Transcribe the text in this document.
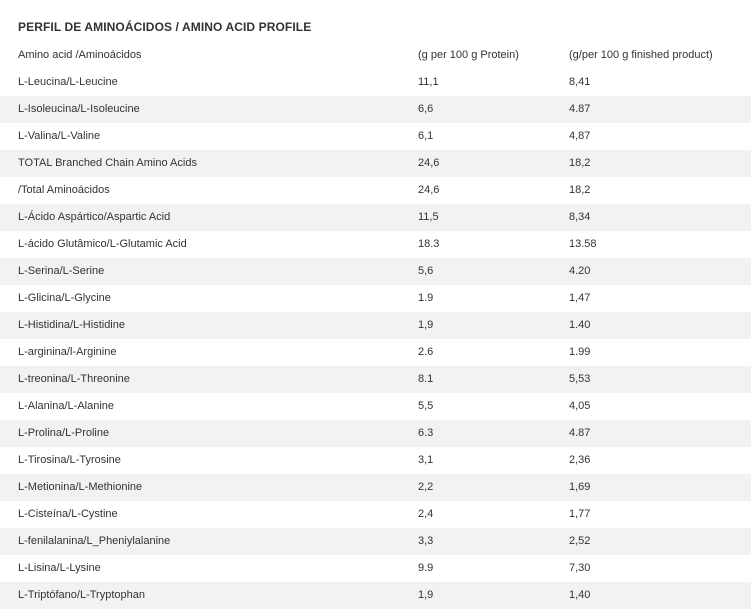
PERFIL DE AMINOÁCIDOS / AMINO ACID PROFILE
Amino acid /Aminoácidos	(g per 100 g Protein)	(g/per 100 g finished product)
L-Leucina/L-Leucine	11,1	8,41
L-Isoleucina/L-Isoleucine	6,6	4.87
L-Valina/L-Valine	6,1	4,87
TOTAL Branched Chain Amino Acids	24,6	18,2
/Total Aminoácidos	24,6	18,2
L-Ácido Aspártico/Aspartic Acid	11,5	8,34
L-ácido Glutâmico/L-Glutamic Acid	18.3	13.58
L-Serina/L-Serine	5,6	4.20
L-Glicina/L-Glycine	1.9	1,47
L-Histidina/L-Histidine	1,9	1.40
L-arginina/l-Arginine	2.6	1.99
L-treonina/L-Threonine	8.1	5,53
L-Alanina/L-Alanine	5,5	4,05
L-Prolina/L-Proline	6.3	4.87
L-Tirosina/L-Tyrosine	3,1	2,36
L-Metionina/L-Methionine	2,2	1,69
L-Cisteína/L-Cystine	2,4	1,77
L-fenilalanina/L_Pheniylalanine	3,3	2,52
L-Lisina/L-Lysine	9.9	7,30
L-Triptófano/L-Tryptophan	1,9	1,40
